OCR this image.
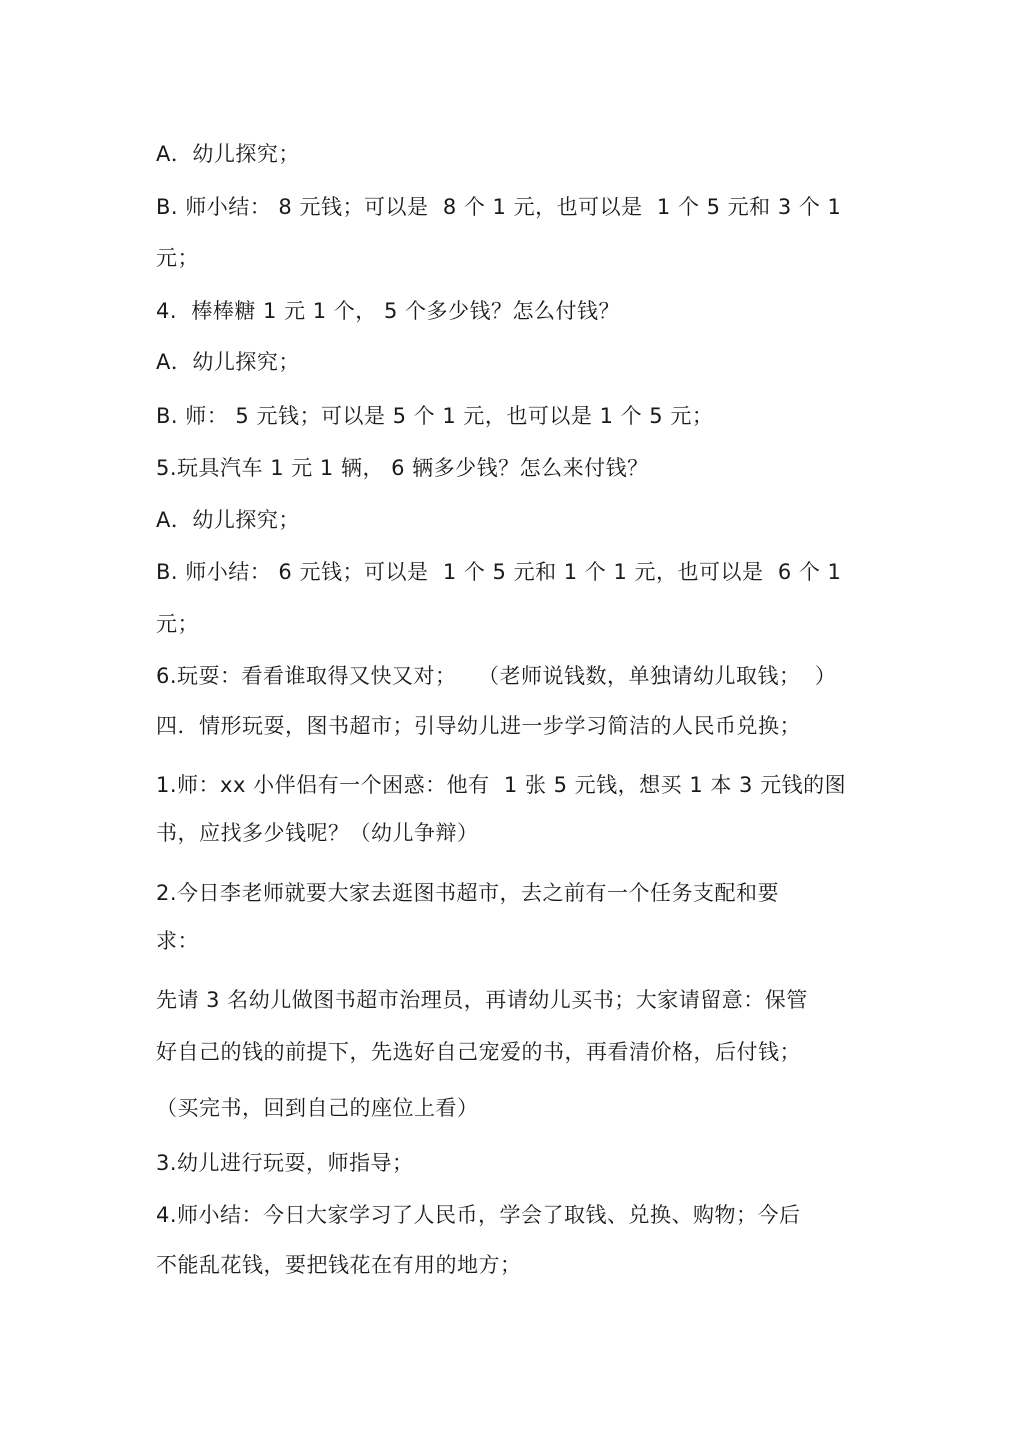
A．幼儿探究；
B. 师小结： 8 元钱；可以是  8 个 1 元，也可以是  1 个 5 元和 3 个 1
元；
4.  棒棒糖 1 元 1 个， 5 个多少钱？怎么付钱？
A．幼儿探究；
B. 师： 5 元钱；可以是 5 个 1 元，也可以是 1 个 5 元；
5.玩具汽车 1 元 1 辆， 6 辆多少钱？怎么来付钱？
A．幼儿探究；
B. 师小结： 6 元钱；可以是  1 个 5 元和 1 个 1 元，也可以是  6 个 1
元；
6.玩耍：看看谁取得又快又对；   （老师说钱数，单独请幼儿取钱；  ）
四．情形玩耍，图书超市；引导幼儿进一步学习简洁的人民币兑换；
1.师：xx 小伴侣有一个困惑：他有  1 张 5 元钱，想买 1 本 3 元钱的图
书，应找多少钱呢？（幼儿争辩）
2.今日李老师就要大家去逛图书超市，去之前有一个任务支配和要
求：
先请 3 名幼儿做图书超市治理员，再请幼儿买书；大家请留意：保管
好自己的钱的前提下，先选好自己宠爱的书，再看清价格，后付钱；
（买完书，回到自己的座位上看）
3.幼儿进行玩耍，师指导；
4.师小结：今日大家学习了人民币，学会了取钱、兑换、购物；今后
不能乱花钱，要把钱花在有用的地方；
